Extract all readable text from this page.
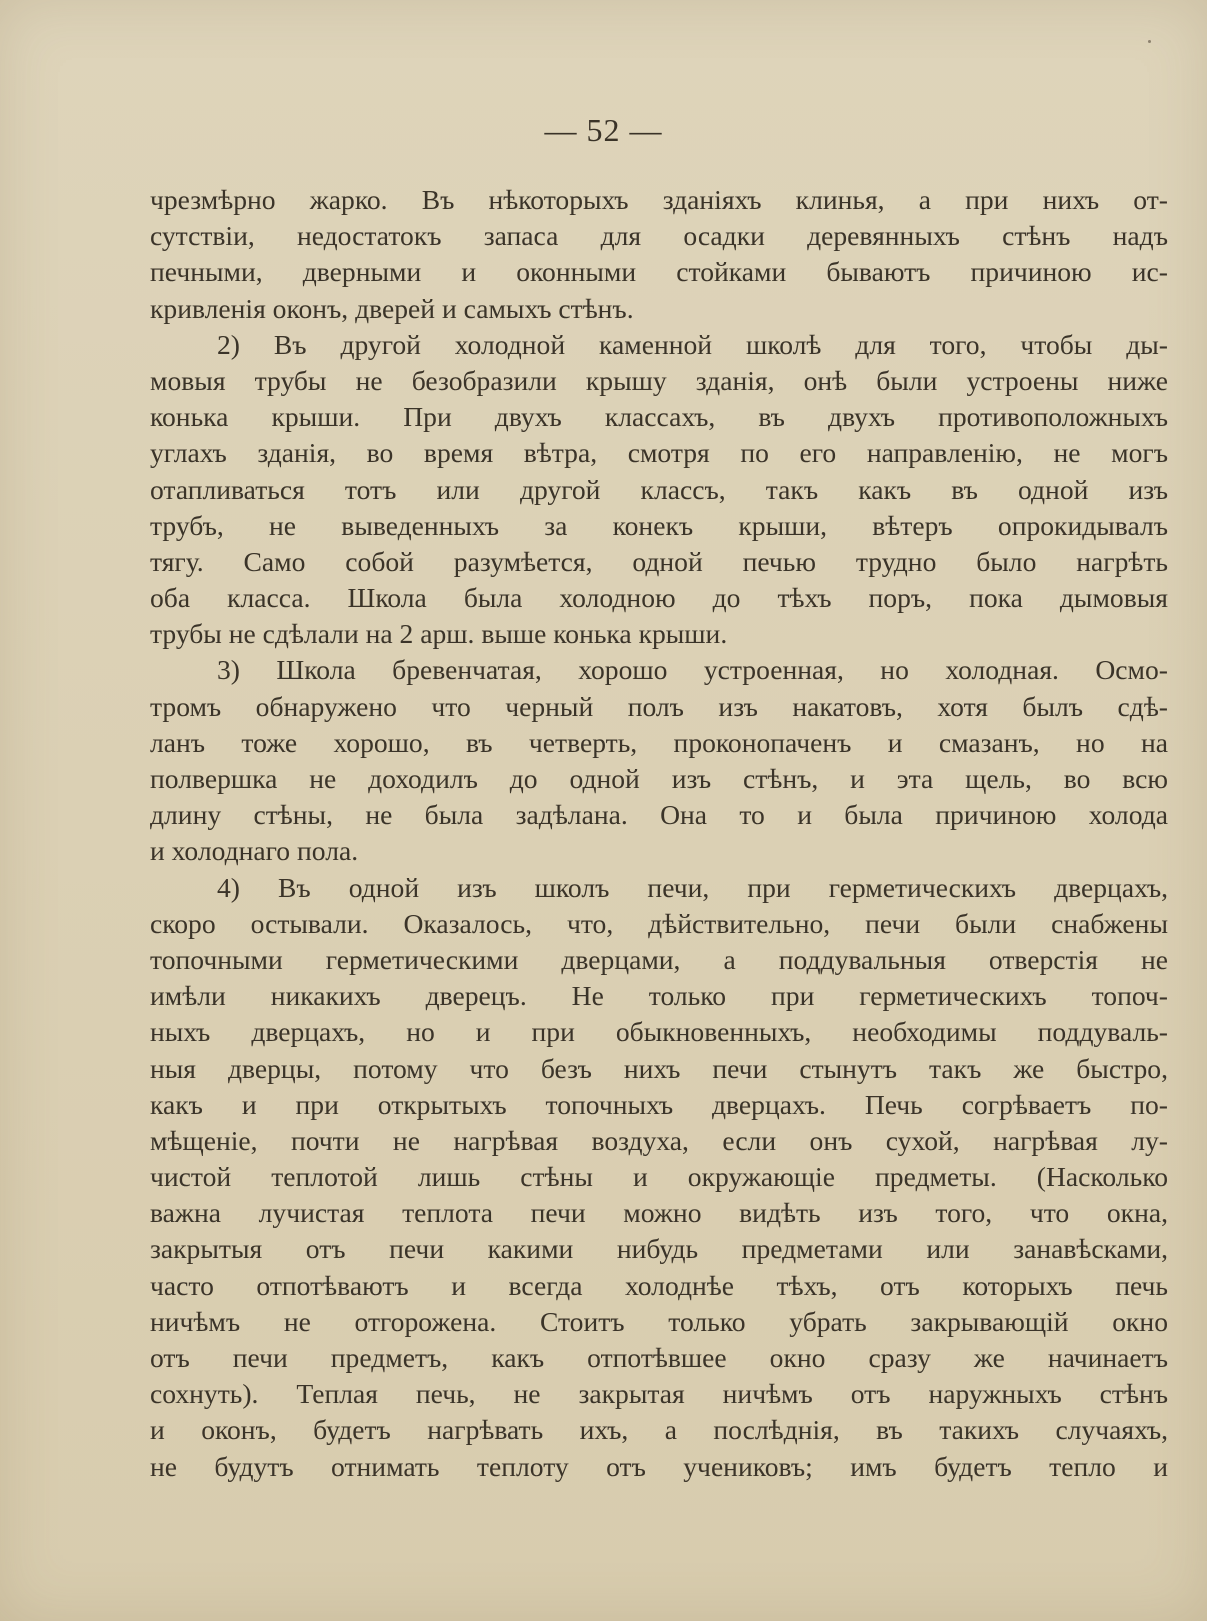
— 52 —
чрезмѣрно жарко. Въ нѣкоторыхъ зданіяхъ клинья, а при нихъ от-
сутствіи, недостатокъ запаса для осадки деревянныхъ стѣнъ надъ
печными, дверными и оконными стойками бываютъ причиною ис-
кривленія оконъ, дверей и самыхъ стѣнъ.
2) Въ другой холодной каменной школѣ для того, чтобы ды-
мовыя трубы не безобразили крышу зданія, онѣ были устроены ниже
конька крыши. При двухъ классахъ, въ двухъ противоположныхъ
углахъ зданія, во время вѣтра, смотря по его направленію, не могъ
отапливаться тотъ или другой классъ, такъ какъ въ одной изъ
трубъ, не выведенныхъ за конекъ крыши, вѣтеръ опрокидывалъ
тягу. Само собой разумѣется, одной печью трудно было нагрѣть
оба класса. Школа была холодною до тѣхъ поръ, пока дымовыя
трубы не сдѣлали на 2 арш. выше конька крыши.
3) Школа бревенчатая, хорошо устроенная, но холодная. Осмо-
тромъ обнаружено что черный полъ изъ накатовъ, хотя былъ сдѣ-
ланъ тоже хорошо, въ четверть, проконопаченъ и смазанъ, но на
полвершка не доходилъ до одной изъ стѣнъ, и эта щель, во всю
длину стѣны, не была задѣлана. Она то и была причиною холода
и холоднаго пола.
4) Въ одной изъ школъ печи, при герметическихъ дверцахъ,
скоро остывали. Оказалось, что, дѣйствительно, печи были снабжены
топочными герметическими дверцами, а поддувальныя отверстія не
имѣли никакихъ дверецъ. Не только при герметическихъ топоч-
ныхъ дверцахъ, но и при обыкновенныхъ, необходимы поддуваль-
ныя дверцы, потому что безъ нихъ печи стынутъ такъ же быстро,
какъ и при открытыхъ топочныхъ дверцахъ. Печь согрѣваетъ по-
мѣщеніе, почти не нагрѣвая воздуха, если онъ сухой, нагрѣвая лу-
чистой теплотой лишь стѣны и окружающіе предметы. (Насколько
важна лучистая теплота печи можно видѣть изъ того, что окна,
закрытыя отъ печи какими нибудь предметами или занавѣсками,
часто отпотѣваютъ и всегда холоднѣе тѣхъ, отъ которыхъ печь
ничѣмъ не отгорожена. Стоитъ только убрать закрывающій окно
отъ печи предметъ, какъ отпотѣвшее окно сразу же начинаетъ
сохнуть). Теплая печь, не закрытая ничѣмъ отъ наружныхъ стѣнъ
и оконъ, будетъ нагрѣвать ихъ, а послѣднія, въ такихъ случаяхъ,
не будутъ отнимать теплоту отъ учениковъ; имъ будетъ тепло и
